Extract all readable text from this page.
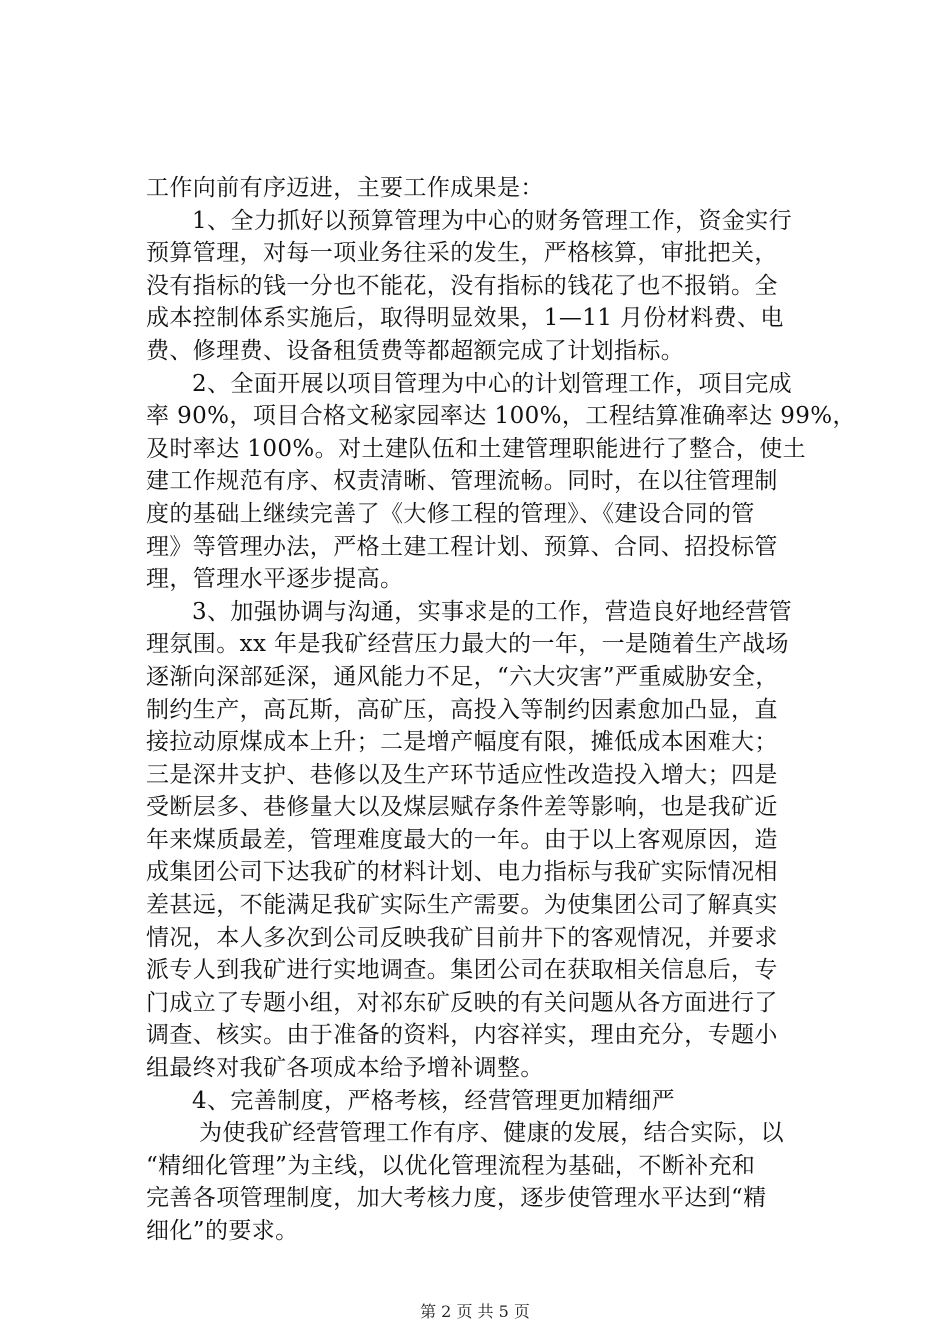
工作向前有序迈进，主要工作成果是：
1、全力抓好以预算管理为中心的财务管理工作，资金实行
预算管理，对每一项业务往采的发生，严格核算，审批把关，
没有指标的钱一分也不能花，没有指标的钱花了也不报销。全
成本控制体系实施后，取得明显效果，1—11 月份材料费、电
费、修理费、设备租赁费等都超额完成了计划指标。
2、全面开展以项目管理为中心的计划管理工作，项目完成
率 90%，项目合格文秘家园率达 100%，工程结算准确率达 99%，
及时率达 100%。对土建队伍和土建管理职能进行了整合，使土
建工作规范有序、权责清晰、管理流畅。同时，在以往管理制
度的基础上继续完善了《大修工程的管理》、《建设合同的管
理》等管理办法，严格土建工程计划、预算、合同、招投标管
理，管理水平逐步提高。
3、加强协调与沟通，实事求是的工作，营造良好地经营管
理氛围。xx 年是我矿经营压力最大的一年，一是随着生产战场
逐渐向深部延深，通风能力不足，“六大灾害”严重威胁安全，
制约生产，高瓦斯，高矿压，高投入等制约因素愈加凸显，直
接拉动原煤成本上升；二是增产幅度有限，摊低成本困难大；
三是深井支护、巷修以及生产环节适应性改造投入增大；四是
受断层多、巷修量大以及煤层赋存条件差等影响，也是我矿近
年来煤质最差，管理难度最大的一年。由于以上客观原因，造
成集团公司下达我矿的材料计划、电力指标与我矿实际情况相
差甚远，不能满足我矿实际生产需要。为使集团公司了解真实
情况，本人多次到公司反映我矿目前井下的客观情况，并要求
派专人到我矿进行实地调查。集团公司在获取相关信息后，专
门成立了专题小组，对祁东矿反映的有关问题从各方面进行了
调查、核实。由于准备的资料，内容祥实，理由充分，专题小
组最终对我矿各项成本给予增补调整。
4、完善制度，严格考核，经营管理更加精细严
为使我矿经营管理工作有序、健康的发展，结合实际，以
“精细化管理”为主线，以优化管理流程为基础，不断补充和
完善各项管理制度，加大考核力度，逐步使管理水平达到“精
细化”的要求。
第 2 页 共 5 页
